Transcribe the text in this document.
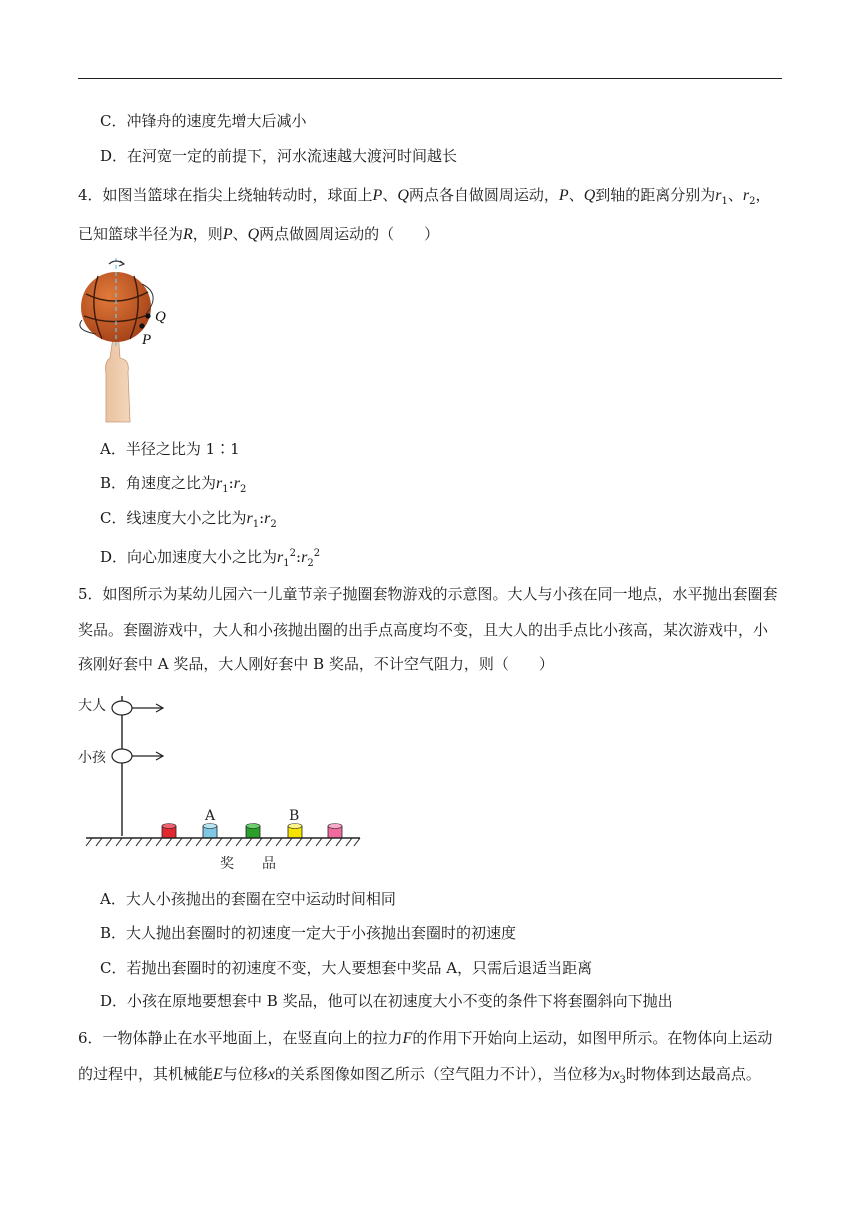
C．冲锋舟的速度先增大后减小
D．在河宽一定的前提下，河水流速越大渡河时间越长
4．如图当篮球在指尖上绕轴转动时，球面上P、Q两点各自做圆周运动，P、Q到轴的距离分别为$r_1$、$r_2$，
已知篮球半径为R，则P、Q两点做圆周运动的（　　）
Q
P
A．半径之比为 1∶1
B．角速度之比为$r_1:r_2$
C．线速度大小之比为$r_1:r_2$
D．向心加速度大小之比为$r_1^2:r_2^2$
5．如图所示为某幼儿园六一儿童节亲子抛圈套物游戏的示意图。大人与小孩在同一地点，水平抛出套圈套
奖品。套圈游戏中，大人和小孩抛出圈的出手点高度均不变，且大人的出手点比小孩高，某次游戏中，小
孩刚好套中 A 奖品，大人刚好套中 B 奖品，不计空气阻力，则（　　）
大人
小孩
A	B
奖　　品
A．大人小孩抛出的套圈在空中运动时间相同
B．大人抛出套圈时的初速度一定大于小孩抛出套圈时的初速度
C．若抛出套圈时的初速度不变，大人要想套中奖品 A，只需后退适当距离
D．小孩在原地要想套中 B 奖品，他可以在初速度大小不变的条件下将套圈斜向下抛出
6．一物体静止在水平地面上，在竖直向上的拉力F的作用下开始向上运动，如图甲所示。在物体向上运动
的过程中，其机械能E与位移x的关系图像如图乙所示（空气阻力不计），当位移为$x_3$时物体到达最高点。
